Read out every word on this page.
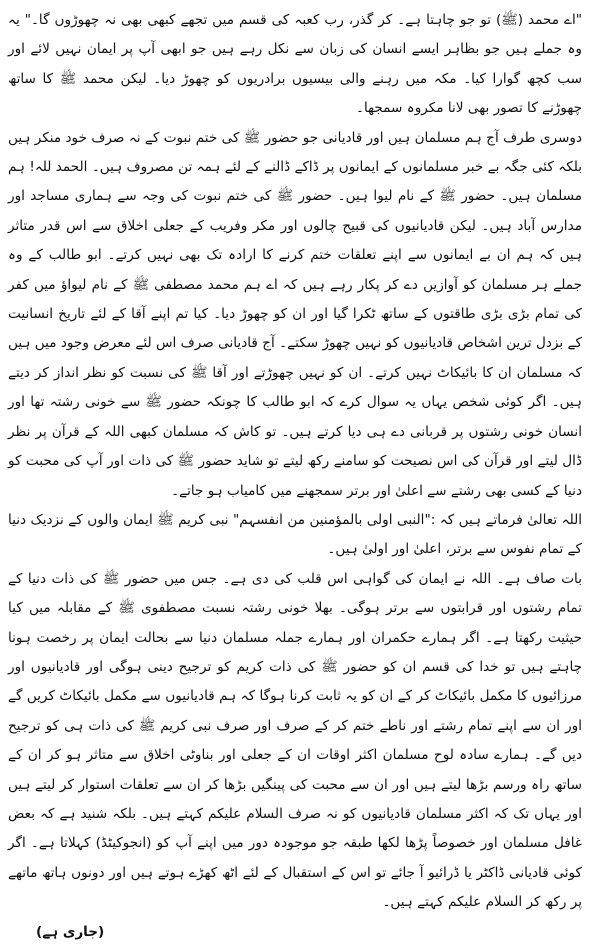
"اے محمد (ﷺ) تو جو چاہتا ہے۔ کر گذر، رب کعبہ کی قسم میں تجھے کبھی بھی نہ چھوڑوں گا۔" یہ وہ جملے ہیں جو بظاہر ایسے انسان کی زبان سے نکل رہے ہیں جو ابھی آپ پر ایمان نہیں لائے اور سب کچھ گوارا کیا۔ مکہ میں رہنے والی بیسیوں برادریوں کو چھوڑ دیا۔ لیکن محمد ﷺ کا ساتھ چھوڑنے کا تصور بھی لانا مکروہ سمجھا۔

دوسری طرف آج ہم مسلمان ہیں اور قادیانی جو حضور ﷺ کی ختم نبوت کے نہ صرف خود منکر ہیں بلکہ کئی جگہ بے خبر مسلمانوں کے ایمانوں پر ڈاکے ڈالنے کے لئے ہمہ تن مصروف ہیں۔ الحمد للہ! ہم مسلمان ہیں۔ حضور ﷺ کے نام لیوا ہیں۔ حضور ﷺ کی ختم نبوت کی وجہ سے ہماری مساجد اور مدارس آباد ہیں۔ لیکن قادیانیوں کی قبیح چالوں اور مکر وفریب کے جعلی اخلاق سے اس قدر متاثر ہیں کہ ہم ان بے ایمانوں سے اپنے تعلقات ختم کرنے کا ارادہ تک بھی نہیں کرتے۔ ابو طالب کے وہ جملے ہر مسلمان کو آوازیں دے کر پکار رہے ہیں کہ اے ہم محمد مصطفی ﷺ کے نام لیواؤ میں کفر کی تمام بڑی بڑی طاقتوں کے ساتھ ٹکرا گیا اور ان کو چھوڑ دیا۔ کیا تم اپنے آقا کے لئے تاریخ انسانیت کے بزدل ترین اشخاص قادیانیوں کو نہیں چھوڑ سکتے۔ آج قادیانی صرف اس لئے معرض وجود میں ہیں کہ مسلمان ان کا بائیکاٹ نہیں کرتے۔ ان کو نہیں چھوڑتے اور آقا ﷺ کی نسبت کو نظر انداز کر دیتے ہیں۔ اگر کوئی شخص یہاں یہ سوال کرے کہ ابو طالب کا چونکہ حضور ﷺ سے خونی رشتہ تھا اور انسان خونی رشتوں پر قربانی دے ہی دیا کرتے ہیں۔ تو کاش کہ مسلمان کبھی اللہ کے قرآن پر نظر ڈال لیتے اور قرآن کی اس نصیحت کو سامنے رکھ لیتے تو شاید حضور ﷺ کی ذات اور آپ کی محبت کو دنیا کے کسی بھی رشتے سے اعلیٰ اور برتر سمجھنے میں کامیاب ہو جاتے۔

اللہ تعالیٰ فرماتے ہیں کہ :"النبی اولی بالمؤمنین من انفسہم" نبی کریم ﷺ ایمان والوں کے نزدیک دنیا کے تمام نفوس سے برتر، اعلیٰ اور اولیٰ ہیں۔

بات صاف ہے۔ اللہ نے ایمان کی گواہی اس قلب کی دی ہے۔ جس میں حضور ﷺ کی ذات دنیا کے تمام رشتوں اور قرابتوں سے برتر ہوگی۔ بھلا خونی رشتہ نسبت مصطفوی ﷺ کے مقابلہ میں کیا حیثیت رکھتا ہے۔ اگر ہمارے حکمران اور ہمارے جملہ مسلمان دنیا سے بحالت ایمان پر رخصت ہونا چاہتے ہیں تو خدا کی قسم ان کو حضور ﷺ کی ذات کریم کو ترجیح دینی ہوگی اور قادیانیوں اور مرزائیوں کا مکمل بائیکاٹ کر کے ان کو یہ ثابت کرنا ہوگا کہ ہم قادیانیوں سے مکمل بائیکاٹ کریں گے اور ان سے اپنے تمام رشتے اور ناطے ختم کر کے صرف اور صرف نبی کریم ﷺ کی ذات ہی کو ترجیح دیں گے۔ ہمارے سادہ لوح مسلمان اکثر اوقات ان کے جعلی اور بناوٹی اخلاق سے متاثر ہو کر ان کے ساتھ راہ ورسم بڑھا لیتے ہیں اور ان سے محبت کی پینگیں بڑھا کر ان سے تعلقات استوار کر لیتے ہیں اور یہاں تک کہ اکثر مسلمان قادیانیوں کو نہ صرف السلام علیکم کہتے ہیں۔ بلکہ شنید ہے کہ بعض غافل مسلمان اور خصوصاً پڑھا لکھا طبقہ جو موجودہ دور میں اپنے آپ کو (انجوکیٹڈ) کہلاتا ہے۔ اگر کوئی قادیانی ڈاکٹر یا ڈرائیو آ جائے تو اس کے استقبال کے لئے اٹھ کھڑے ہوتے ہیں اور دونوں ہاتھ ماتھے پر رکھ کر السلام علیکم کہتے ہیں۔

(جاری ہے)
